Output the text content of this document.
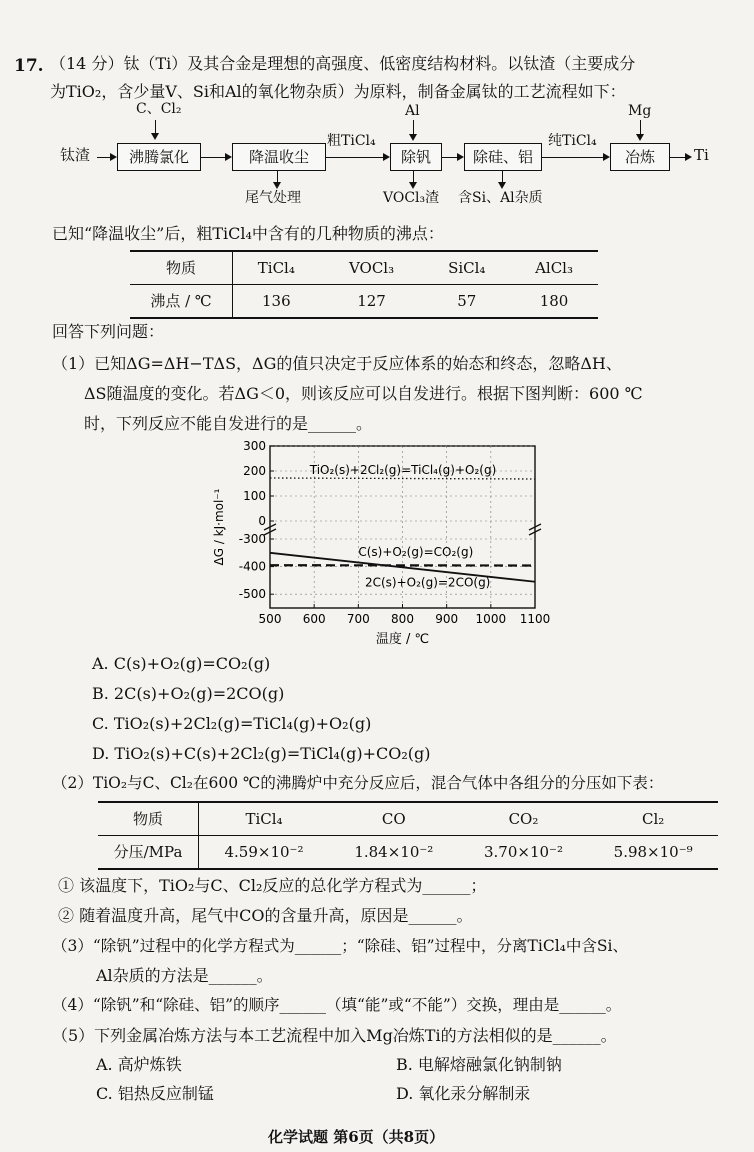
17. （14 分）钛（Ti）及其合金是理想的高强度、低密度结构材料。以钛渣（主要成分
为TiO₂，含少量V、Si和Al的氧化物杂质）为原料，制备金属钛的工艺流程如下：
C、Cl₂
钛渣	沸腾氯化	降温收尘
尾气处理
粗TiCl₄
Al
除钒
VOCl₃渣
除硅、铝
含Si、Al杂质
纯TiCl₄
Mg
冶炼	Ti
已知“降温收尘”后，粗TiCl₄中含有的几种物质的沸点：
物质	TiCl₄	VOCl₃	SiCl₄	AlCl₃
沸点 / ℃	136	127	57	180
回答下列问题：
（1）已知ΔG=ΔH−TΔS，ΔG的值只决定于反应体系的始态和终态，忽略ΔH、
ΔS随温度的变化。若ΔG＜0，则该反应可以自发进行。根据下图判断：600 ℃
时，下列反应不能自发进行的是______。
500 600 700 800 900 1000 1100
300
200
100
0
-300
-400
-500
温度 / ℃
ΔG / kJ·mol⁻¹
TiO₂(s)+2Cl₂(g)=TiCl₄(g)+O₂(g)
C(s)+O₂(g)=CO₂(g)
2C(s)+O₂(g)=2CO(g)
A. C(s)+O₂(g)=CO₂(g)
B. 2C(s)+O₂(g)=2CO(g)
C. TiO₂(s)+2Cl₂(g)=TiCl₄(g)+O₂(g)
D. TiO₂(s)+C(s)+2Cl₂(g)=TiCl₄(g)+CO₂(g)
（2）TiO₂与C、Cl₂在600 ℃的沸腾炉中充分反应后，混合气体中各组分的分压如下表：
物质	TiCl₄	CO	CO₂	Cl₂
分压/MPa	4.59×10⁻²	1.84×10⁻²	3.70×10⁻²	5.98×10⁻⁹
① 该温度下，TiO₂与C、Cl₂反应的总化学方程式为______；
② 随着温度升高，尾气中CO的含量升高，原因是______。
（3）“除钒”过程中的化学方程式为______；“除硅、铝”过程中，分离TiCl₄中含Si、
Al杂质的方法是______。
（4）“除钒”和“除硅、铝”的顺序______（填“能”或“不能”）交换，理由是______。
（5）下列金属冶炼方法与本工艺流程中加入Mg冶炼Ti的方法相似的是______。
A. 高炉炼铁	B. 电解熔融氯化钠制钠
C. 铝热反应制锰	D. 氧化汞分解制汞
化学试题 第6页（共8页）
